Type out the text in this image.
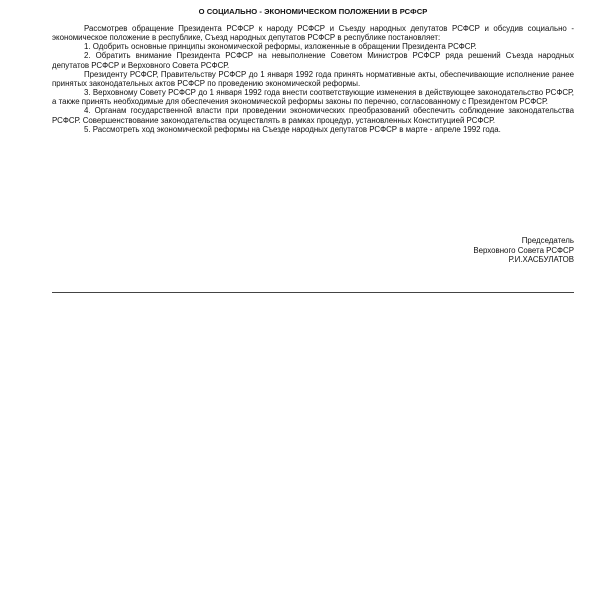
О СОЦИАЛЬНО - ЭКОНОМИЧЕСКОМ ПОЛОЖЕНИИ В РСФСР

Рассмотрев обращение Президента РСФСР к народу РСФСР и Съезду народных депутатов РСФСР и обсудив социально - экономическое положение в республике, Съезд народных депутатов РСФСР в республике постановляет:

1. Одобрить основные принципы экономической реформы, изложенные в обращении Президента РСФСР.

2. Обратить внимание Президента РСФСР на невыполнение Советом Министров РСФСР ряда решений Съезда народных депутатов РСФСР и Верховного Совета РСФСР.

Президенту РСФСР, Правительству РСФСР до 1 января 1992 года принять нормативные акты, обеспечивающие исполнение ранее принятых законодательных актов РСФСР по проведению экономической реформы.

3. Верховному Совету РСФСР до 1 января 1992 года внести соответствующие изменения в действующее законодательство РСФСР, а также принять необходимые для обеспечения экономической реформы законы по перечню, согласованному с Президентом РСФСР.

4. Органам государственной власти при проведении экономических преобразований обеспечить соблюдение законодательства РСФСР. Совершенствование законодательства осуществлять в рамках процедур, установленных Конституцией РСФСР.

5. Рассмотреть ход экономической реформы на Съезде народных депутатов РСФСР в марте - апреле 1992 года.

Председатель
Верховного Совета РСФСР
Р.И.ХАСБУЛАТОВ
